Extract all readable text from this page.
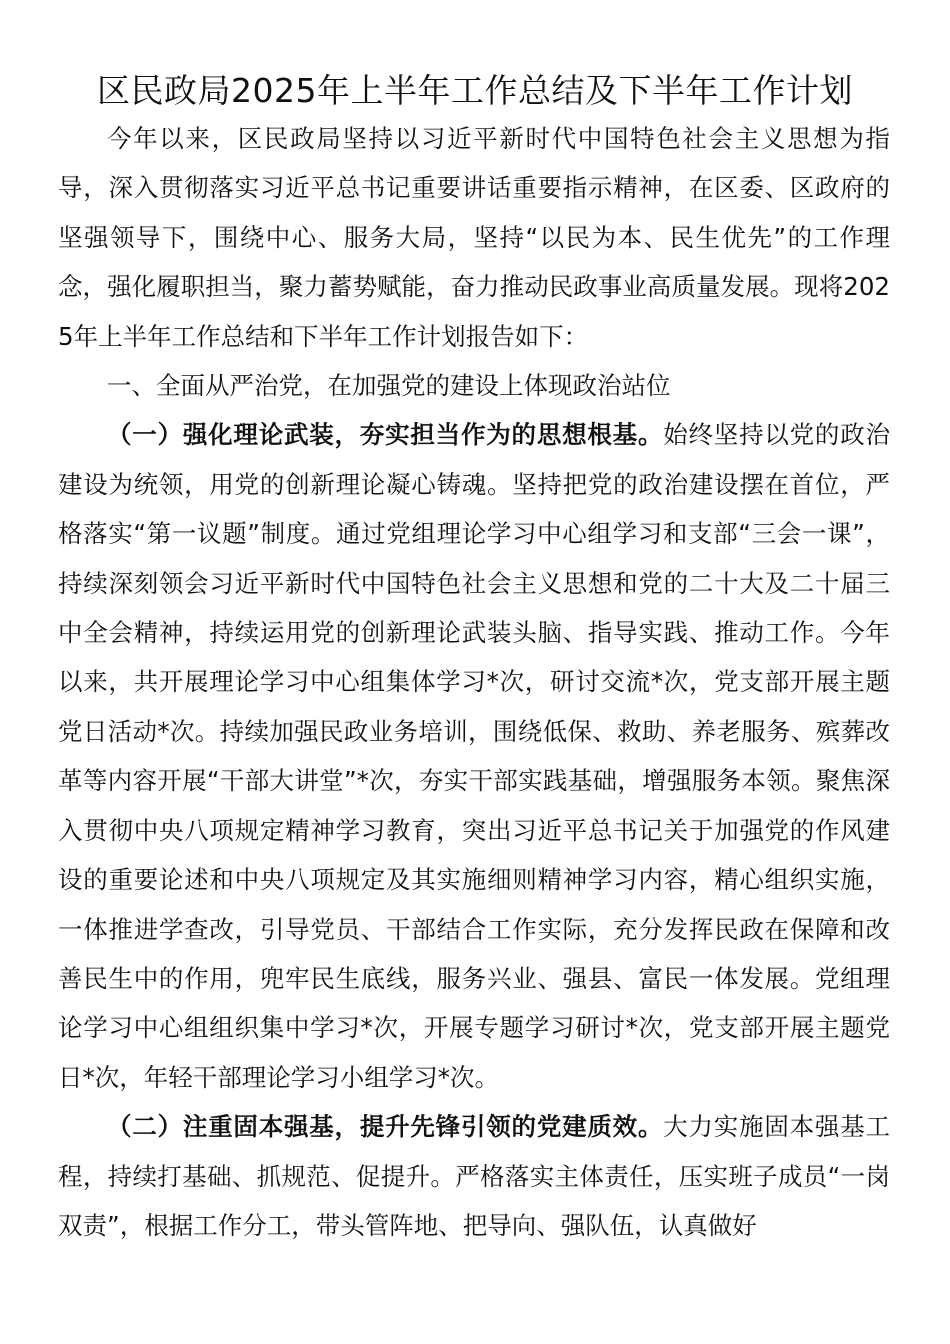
区民政局2025年上半年工作总结及下半年工作计划

今年以来，区民政局坚持以习近平新时代中国特色社会主义思想为指导，深入贯彻落实习近平总书记重要讲话重要指示精神，在区委、区政府的坚强领导下，围绕中心、服务大局，坚持“以民为本、民生优先”的工作理念，强化履职担当，聚力蓄势赋能，奋力推动民政事业高质量发展。现将2025年上半年工作总结和下半年工作计划报告如下：

一、全面从严治党，在加强党的建设上体现政治站位

（一）强化理论武装，夯实担当作为的思想根基。始终坚持以党的政治建设为统领，用党的创新理论凝心铸魂。坚持把党的政治建设摆在首位，严格落实“第一议题”制度。通过党组理论学习中心组学习和支部“三会一课”，持续深刻领会习近平新时代中国特色社会主义思想和党的二十大及二十届三中全会精神，持续运用党的创新理论武装头脑、指导实践、推动工作。今年以来，共开展理论学习中心组集体学习*次，研讨交流*次，党支部开展主题党日活动*次。持续加强民政业务培训，围绕低保、救助、养老服务、殡葬改革等内容开展“干部大讲堂”*次，夯实干部实践基础，增强服务本领。聚焦深入贯彻中央八项规定精神学习教育，突出习近平总书记关于加强党的作风建设的重要论述和中央八项规定及其实施细则精神学习内容，精心组织实施，一体推进学查改，引导党员、干部结合工作实际，充分发挥民政在保障和改善民生中的作用，兜牢民生底线，服务兴业、强县、富民一体发展。党组理论学习中心组组织集中学习*次，开展专题学习研讨*次，党支部开展主题党日*次，年轻干部理论学习小组学习*次。

（二）注重固本强基，提升先锋引领的党建质效。大力实施固本强基工程，持续打基础、抓规范、促提升。严格落实主体责任，压实班子成员“一岗双责”，根据工作分工，带头管阵地、把导向、强队伍，认真做好
